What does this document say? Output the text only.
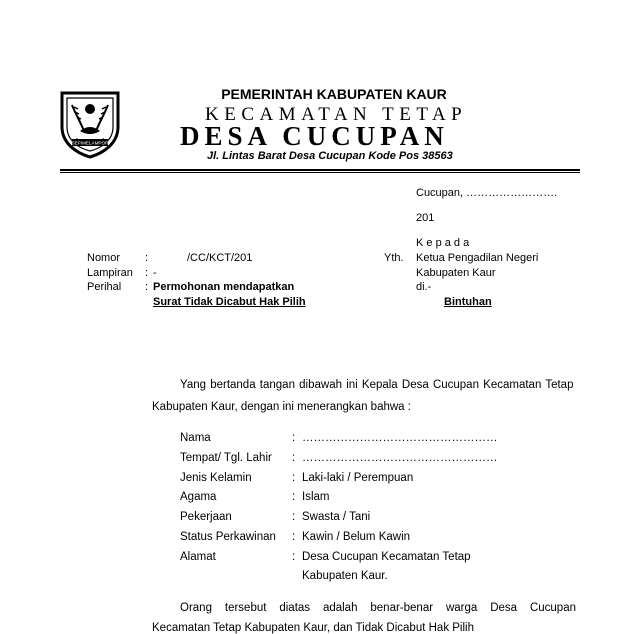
SEPIMELAMPOR
PEMERINTAH KABUPATEN KAUR
KECAMATAN TETAP
DESA CUCUPAN
Jl. Lintas Barat Desa Cucupan Kode Pos 38563
Cucupan, …………………….
201
K e p a d a
Yth. Ketua Pengadilan Negeri
Kabupaten Kaur
di.-
Bintuhan
Nomor :	/CC/KCT/201
Lampiran : -
Perihal : Permohonan mendapatkan
Surat Tidak Dicabut Hak Pilih
Yang bertanda tangan dibawah ini Kepala Desa Cucupan Kecamatan Tetap
Kabupaten Kaur, dengan ini menerangkan bahwa :
Nama	: ……………………………………………
Tempat/ Tgl. Lahir : ……………………………………………
Jenis Kelamin	: Laki-laki / Perempuan
Agama	: Islam
Pekerjaan	: Swasta / Tani
Status Perkawinan : Kawin / Belum Kawin
Alamat	: Desa Cucupan Kecamatan Tetap
Kabupaten Kaur.
Orang tersebut diatas adalah benar-benar warga Desa Cucupan
Kecamatan Tetap Kabupaten Kaur, dan Tidak Dicabut Hak Pilih
